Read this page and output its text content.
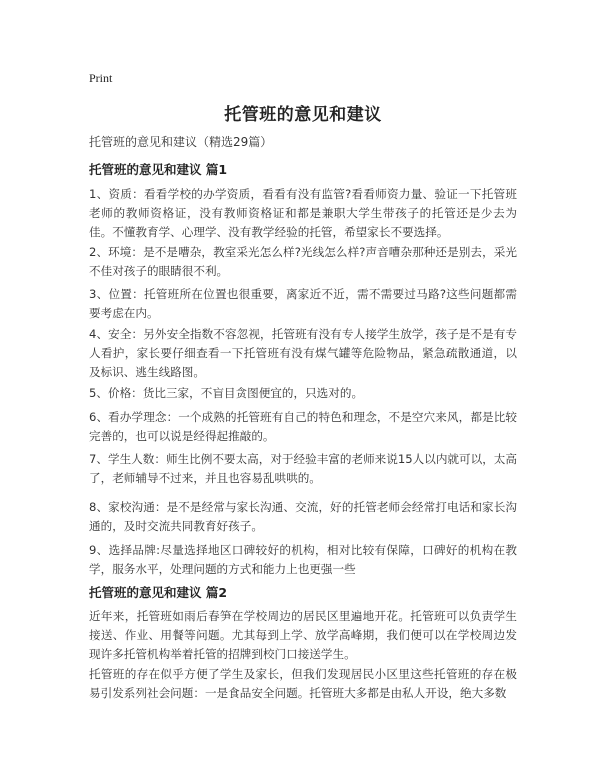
Print
托管班的意见和建议

托管班的意见和建议（精选29篇）

托管班的意见和建议 篇1

1、资质：看看学校的办学资质，看看有没有监管?看看师资力量、验证一下托管班老师的教师资格证，没有教师资格证和都是兼职大学生带孩子的托管还是少去为佳。不懂教育学、心理学、没有教学经验的托管，希望家长不要选择。

2、环境：是不是嘈杂，教室采光怎么样?光线怎么样?声音嘈杂那种还是别去，采光不佳对孩子的眼睛很不利。

3、位置：托管班所在位置也很重要，离家近不近，需不需要过马路?这些问题都需要考虑在内。

4、安全：另外安全指数不容忽视，托管班有没有专人接学生放学，孩子是不是有专人看护，家长要仔细查看一下托管班有没有煤气罐等危险物品，紧急疏散通道，以及标识、逃生线路图。

5、价格：货比三家，不盲目贪图便宜的，只选对的。

6、看办学理念：一个成熟的托管班有自己的特色和理念，不是空穴来风，都是比较完善的，也可以说是经得起推敲的。

7、学生人数：师生比例不要太高，对于经验丰富的老师来说15人以内就可以，太高了，老师辅导不过来，并且也容易乱哄哄的。

8、家校沟通：是不是经常与家长沟通、交流，好的托管老师会经常打电话和家长沟通的，及时交流共同教育好孩子。

9、选择品牌:尽量选择地区口碑较好的机构，相对比较有保障，口碑好的机构在教学，服务水平，处理问题的方式和能力上也更强一些

托管班的意见和建议 篇2

近年来，托管班如雨后春笋在学校周边的居民区里遍地开花。托管班可以负责学生接送、作业、用餐等问题。尤其每到上学、放学高峰期，我们便可以在学校周边发现许多托管机构举着托管的招牌到校门口接送学生。

托管班的存在似乎方便了学生及家长，但我们发现居民小区里这些托管班的存在极易引发系列社会问题：一是食品安全问题。托管班大多都是由私人开设，绝大多数
